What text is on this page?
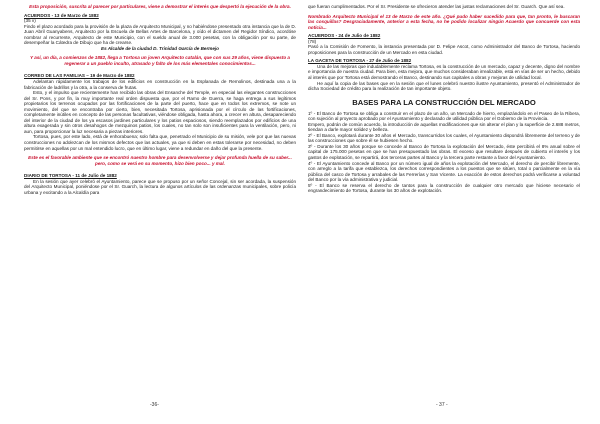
Esta proposición, suscrita al parecer por particulares, viene a demostrar el interés que despertó la ejecución de la obra.

ACUERDOS - 13 de Marzo de 1882

(35 v)

Findo el plazo acordado para la provisión de la plaza de Arquitecto Municipal, y no habiéndose presentado otra instancia que la de D. Juan Abril Guanyabens, Arquitecto por la Escuela de Bellas Artes de Barcelona, y oído el dictamen del Regidor Síndico, acordóse nombrar al recurrente, Arquitecto de este Municipio, con el sueldo anual de 3.000 pesetas, con la obligación por su parte, de desempeñar la Cátedra de Dibujo que ha de crearse.

Es Alcalde de la ciudad D. Trinidad García de Bermejo

Y así, un día, a comienzos de 1882, llega a Tortosa un joven Arquitecto catalán, que con sus 29 años, viene dispuesto a regenerar a un pueblo inculto, atrasado y falto de los más elementales conocimientos...

CORREO DE LAS FAMILIAS – 19 de Marzo de 1882

Adelantan rápidamente los trabajos de los edificios en construcción en la Esplanada de Remolinos, destinada una a la fabricación de ladrillos y la otra, a la conserva de frutas.

Esto, y el impulso que recientemente han recibido las obras del Ensanche del Temple, en especial las elegantes construcciones del Sr. Pons, y por fin, la muy importante real orden dispuesta que, por el Ramo de Guerra, se haga entrega a sus legítimos propietarios los terrenos ocupados por las fortificaciones de la parte del puerto, hace que en todos los extremos, se note un movimiento, del que se encontraba por cierto, bien, necesitada Tortosa, aprisionada por el círculo de las fortificaciones, completamente inútiles en concepto de las personas facultativas, viéndose obligada, hasta ahora, a crecer en altura, desapareciendo del interior de la ciudad de los ya escasos jardines particulares y los patios espaciosos, siendo reemplazados por edificios de una altura exagerada y sin otros desahogos de mezquinos patios, los cuales, no tan solo son insuficientes para la ventilación, pero, ni aun, para proporcionar la luz necesaria a piezas interiores.

Tortosa, pues, por este lado, está de enhorabuena; solo falta que, penetrado el Municipio de su misión, vele por que las nuevas construcciones no adolezcan de los mismos defectos que las actuales, ya que si deben en estas tolerarse por necesidad, no deben permitirse en aquellas por un mal entendido lucro, que en último lugar, viene a redundar en daño del que la presente.

Este es el favorable ambiente que se encontró nuestro hombre para desenvolverse y dejar profunda huella de su saber... pero, como se verá en su momento, hizo bien poco... y mal.

DIARIO DE TORTOSA - 11 de Julio de 1882

En la sesión que ayer celebró el Ayuntamiento, parece que se propuso por un señor Concejal, sin ser acordada, la suspensión del Arquitecto Municipal, poniéndose por el Sr. Guarch, la lectura de algunos artículos de las ordenanzas municipales, sobre policía urbana y excitando a la Alcaldía para

que fueran cumplimentados. Por el Sr. Presidente se ofrecieron atender las justas reclamaciones del Sr. Guarch. Que así sea.

Nombrado Arquitecto Municipal el 13 de Marzo de este año. ¿Qué pudo haber sucedido para que, tan pronto, le buscaran las cosquillas? Desgraciadamente, anterior a esta fecha, no he podido localizar ningún Acuerdo que concuerde con esta noticia...

ACUERDOS - 24 de Julio de 1882

(78)

Pasó a la Comisión de Fomento, la instancia presentada por D. Felipe Ascot, como Administrador del Banco de Tortosa, haciendo proposiciones para la construcción de un Mercado en esta ciudad.

LA GACETA DE TORTOSA - 27 de Julio de 1882

Una de las mejoras que indudablemente reclama Tortosa, es la construcción de un mercado, capaz y decente, digno del nombre e importancia de nuestra ciudad. Para bien, esta mejora, que muchos consideraban irrealizable, está en vías de ser un hecho, debido al interés que por Tortosa está demostrando el Banco, destinando sus capitales a obras y mejoras de utilidad local.

He aquí la copia de las bases que en la sesión que el lunes celebró nuestro ilustre Ayuntamiento, presentó el Administrador de dicha Sociedad de crédito para la realización de tan importante objeto.

BASES PARA LA CONSTRUCCIÓN DEL MERCADO

1º - El Banco de Tortosa se obliga a construir en el plazo de un año, un Mercado de hierro, emplazándolo en el Paseo de la Ribera, con sujeción al proyecto aprobado por el Ayuntamiento y declarado de utilidad pública por el Gobierno de la Provincia.

Empero, podrán de común acuerdo, la introducción de aquellas modificaciones que sin alterar el plan y la superficie de 2.688 metros, tiendan a darle mayor solidez y belleza.

2º - El Banco, explotará durante 30 años el Mercado, transcurridos los cuales, el Ayuntamiento dispondrá libremente del terreno y de las construcciones que sobre él se hubiesen hecho.

3º - Durante los 30 años porque se concede al Banco de Tortosa la explotación del Mercado, éste percibirá el 8% anual sobre el capital de 175.000 pesetas en que se han presupuestado las obras. El exceso que resultare después de cubierto el interés y los gastos de explotación, se repartirá, dos terceras partes al Banco y la tercera parte restante a favor del Ayuntamiento.

4º - El Ayuntamiento concede al Banco por un número igual de años la explotación del Mercado, el derecho de percibir libremente, con arreglo a la tarifa que establezca, los derechos correspondientes a los puestos que se sitúen, total o parcialmente en la vía pública del casco de Tortosa y arrabales de las Ferrerías y San Vicente. La exacción de estos derechos podrá verificarse a voluntad del Banco por la vía administrativa y judicial.

5º - El Banco se reserva el derecho de tantos para la construcción de cualquier otro mercado que hiciese necesario el engrandecimiento de Tortosa, durante los 30 años de explotación.

-36-	- 37 -
